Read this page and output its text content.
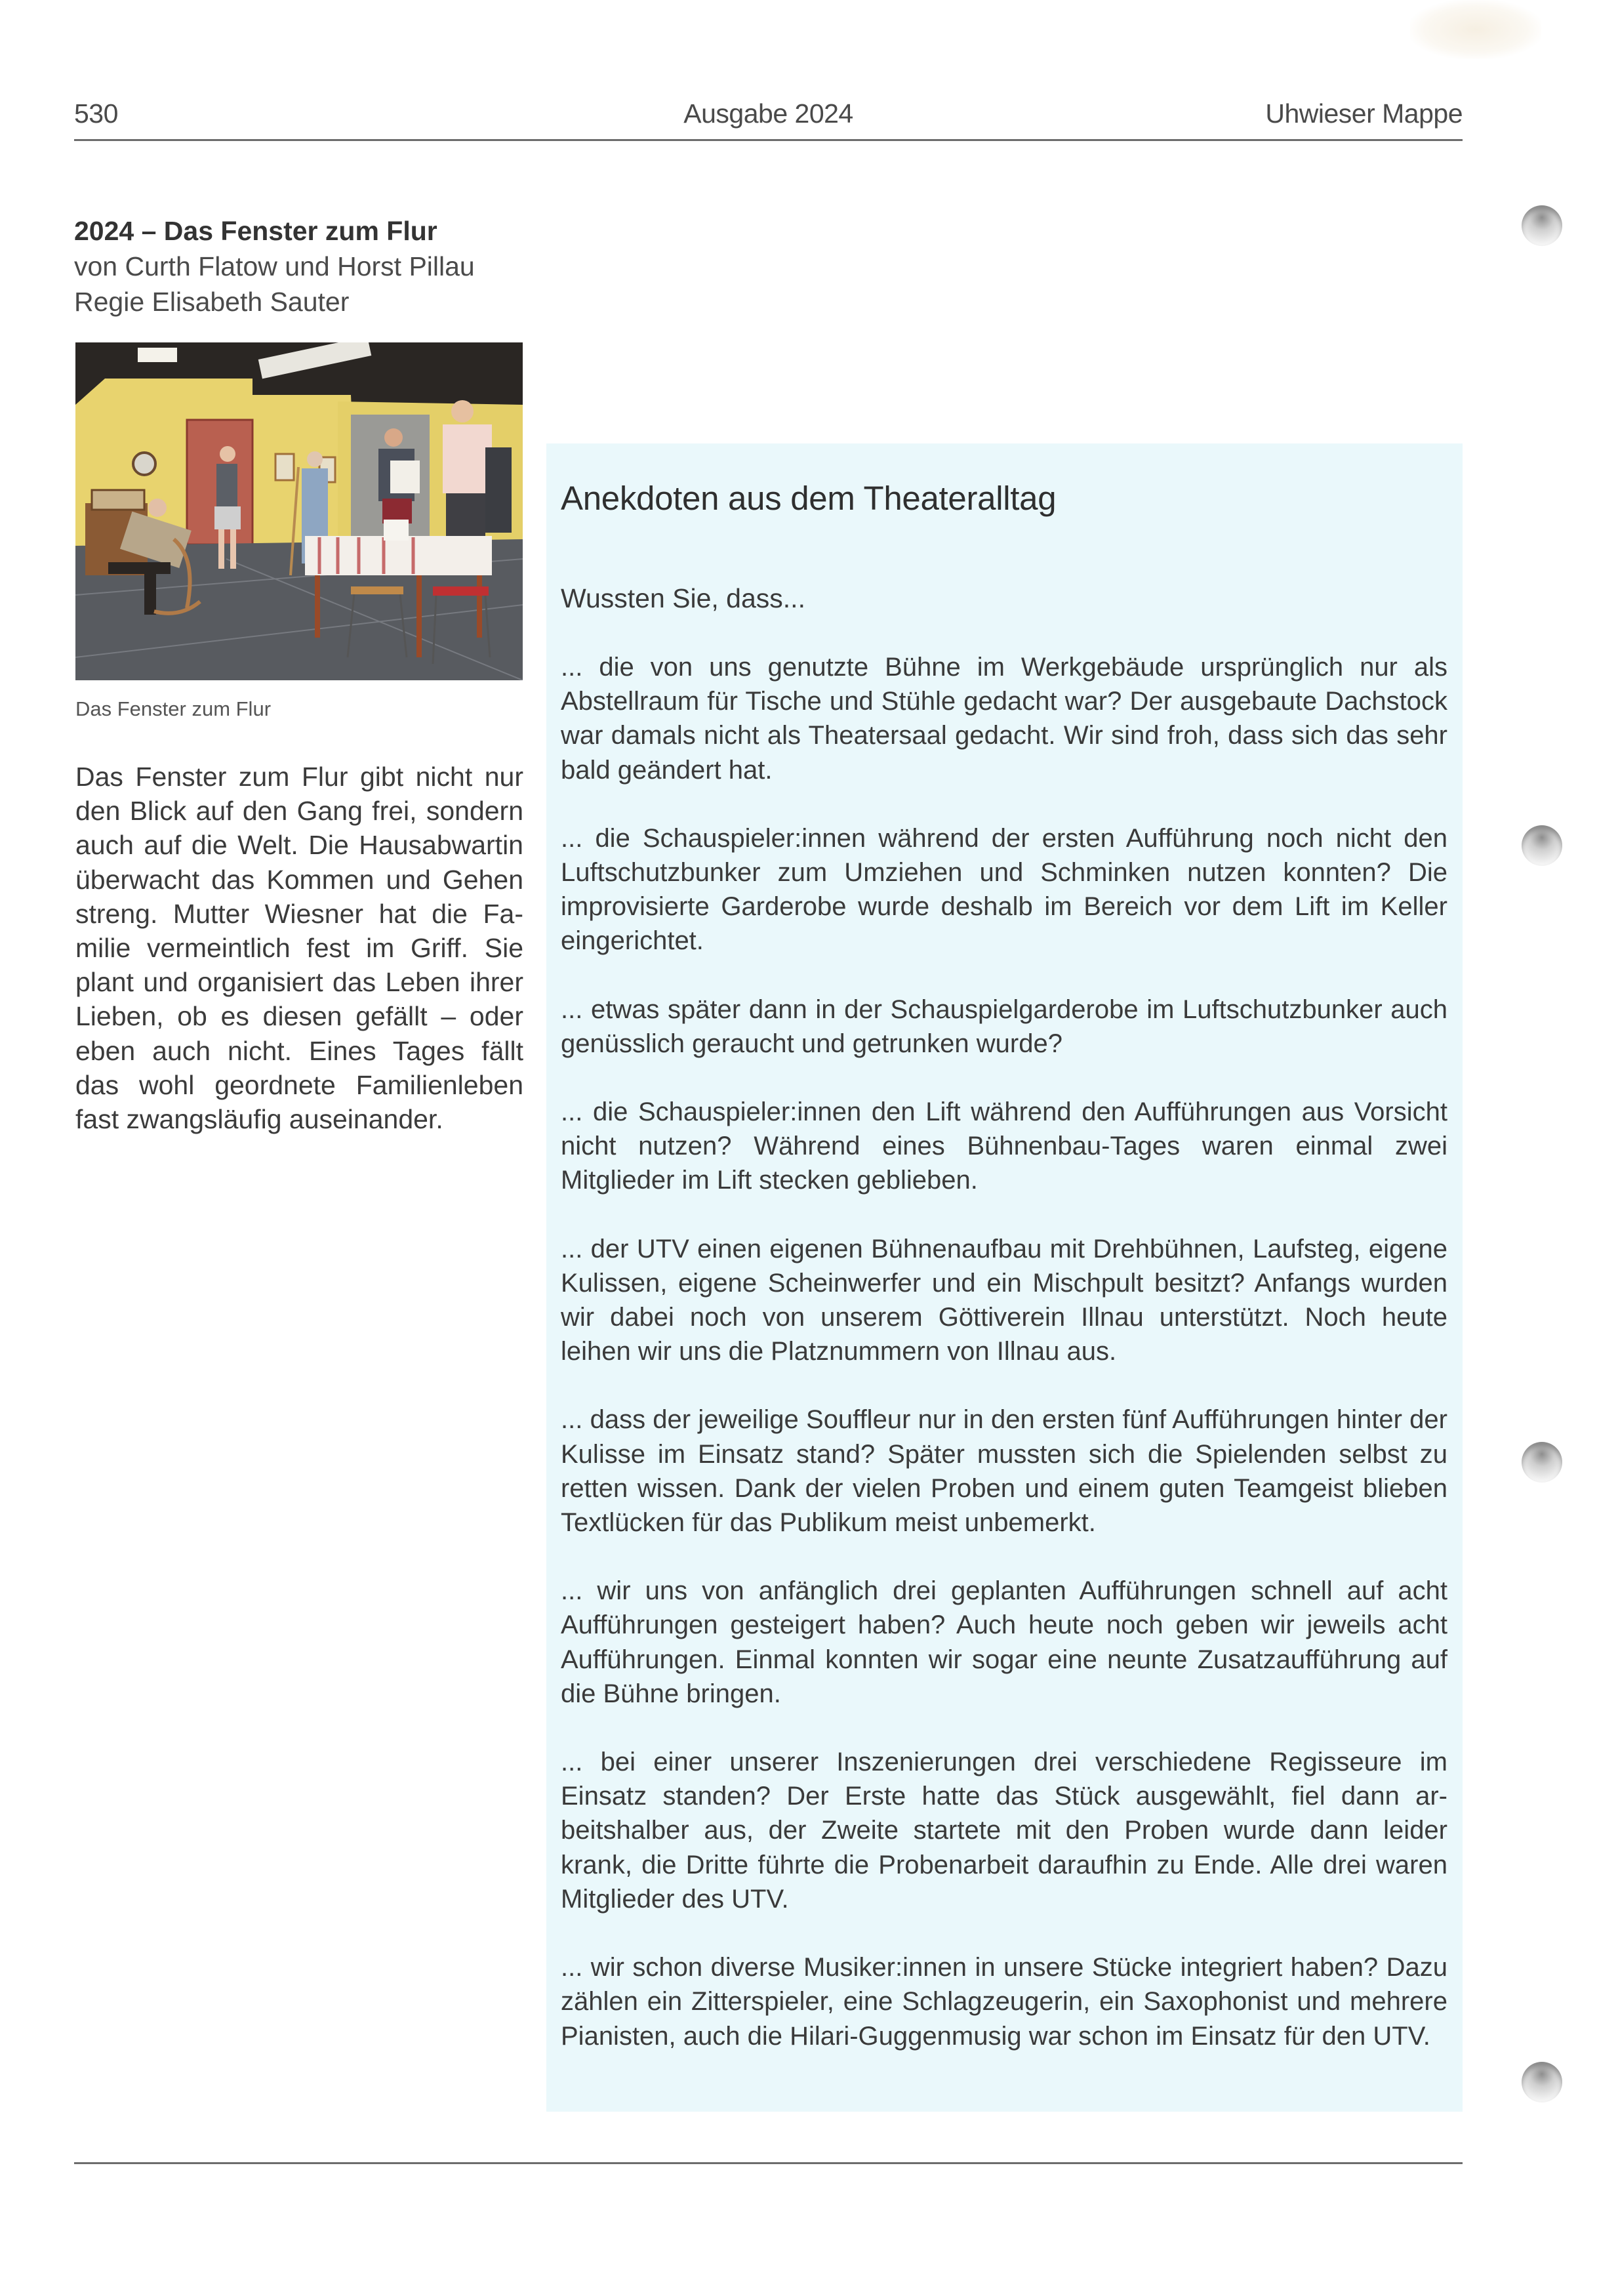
530	Ausgabe 2024	Uhwieser Mappe
2024 – Das Fenster zum Flur
von Curth Flatow und Horst Pillau
Regie Elisabeth Sauter
Das Fenster zum Flur
Das Fenster zum Flur gibt nicht nur den Blick auf den Gang frei, sondern auch auf die Welt. Die Hausabwartin überwacht das Kommen und Gehen streng. Mutter Wiesner hat die Familie vermeintlich fest im Griff. Sie plant und organisiert das Leben ihrer Lieben, ob es diesen gefällt – oder eben auch nicht. Eines Tages fällt das wohl geordnete Familienleben fast zwangsläufig auseinander.
Anekdoten aus dem Theateralltag
Wussten Sie, dass...

... die von uns genutzte Bühne im Werkgebäude ursprünglich nur als Abstellraum für Tische und Stühle gedacht war? Der ausgebaute Dachstock war damals nicht als Theatersaal gedacht. Wir sind froh, dass sich das sehr bald geändert hat.

... die Schauspieler:innen während der ersten Aufführung noch nicht den Luftschutzbunker zum Umziehen und Schminken nutzen konnten? Die improvisierte Garderobe wurde deshalb im Bereich vor dem Lift im Keller eingerichtet.

... etwas später dann in der Schauspielgarderobe im Luftschutzbunker auch genüsslich geraucht und getrunken wurde?

... die Schauspieler:innen den Lift während den Aufführungen aus Vorsicht nicht nutzen? Während eines Bühnenbau-Tages waren einmal zwei Mitglieder im Lift stecken geblieben.

... der UTV einen eigenen Bühnenaufbau mit Drehbühnen, Laufsteg, eigene Kulissen, eigene Scheinwerfer und ein Mischpult besitzt? Anfangs wurden wir dabei noch von unserem Göttiverein Illnau unterstützt. Noch heute leihen wir uns die Platznummern von Illnau aus.

... dass der jeweilige Souffleur nur in den ersten fünf Aufführungen hinter der Kulisse im Einsatz stand? Später mussten sich die Spielenden selbst zu retten wissen. Dank der vielen Proben und einem guten Teamgeist blieben Textlücken für das Publikum meist unbemerkt.

... wir uns von anfänglich drei geplanten Aufführungen schnell auf acht Aufführungen gesteigert haben? Auch heute noch geben wir jeweils acht Aufführungen. Einmal konnten wir sogar eine neunte Zusatzaufführung auf die Bühne bringen.

... bei einer unserer Inszenierungen drei verschiedene Regisseure im Einsatz standen? Der Erste hatte das Stück ausgewählt, fiel dann arbeitshalber aus, der Zweite startete mit den Proben wurde dann leider krank, die Dritte führte die Probenarbeit daraufhin zu Ende. Alle drei waren Mitglieder des UTV.

... wir schon diverse Musiker:innen in unsere Stücke integriert haben? Dazu zählen ein Zitterspieler, eine Schlagzeugerin, ein Saxophonist und mehrere Pianisten, auch die Hilari-Guggenmusig war schon im Einsatz für den UTV.
